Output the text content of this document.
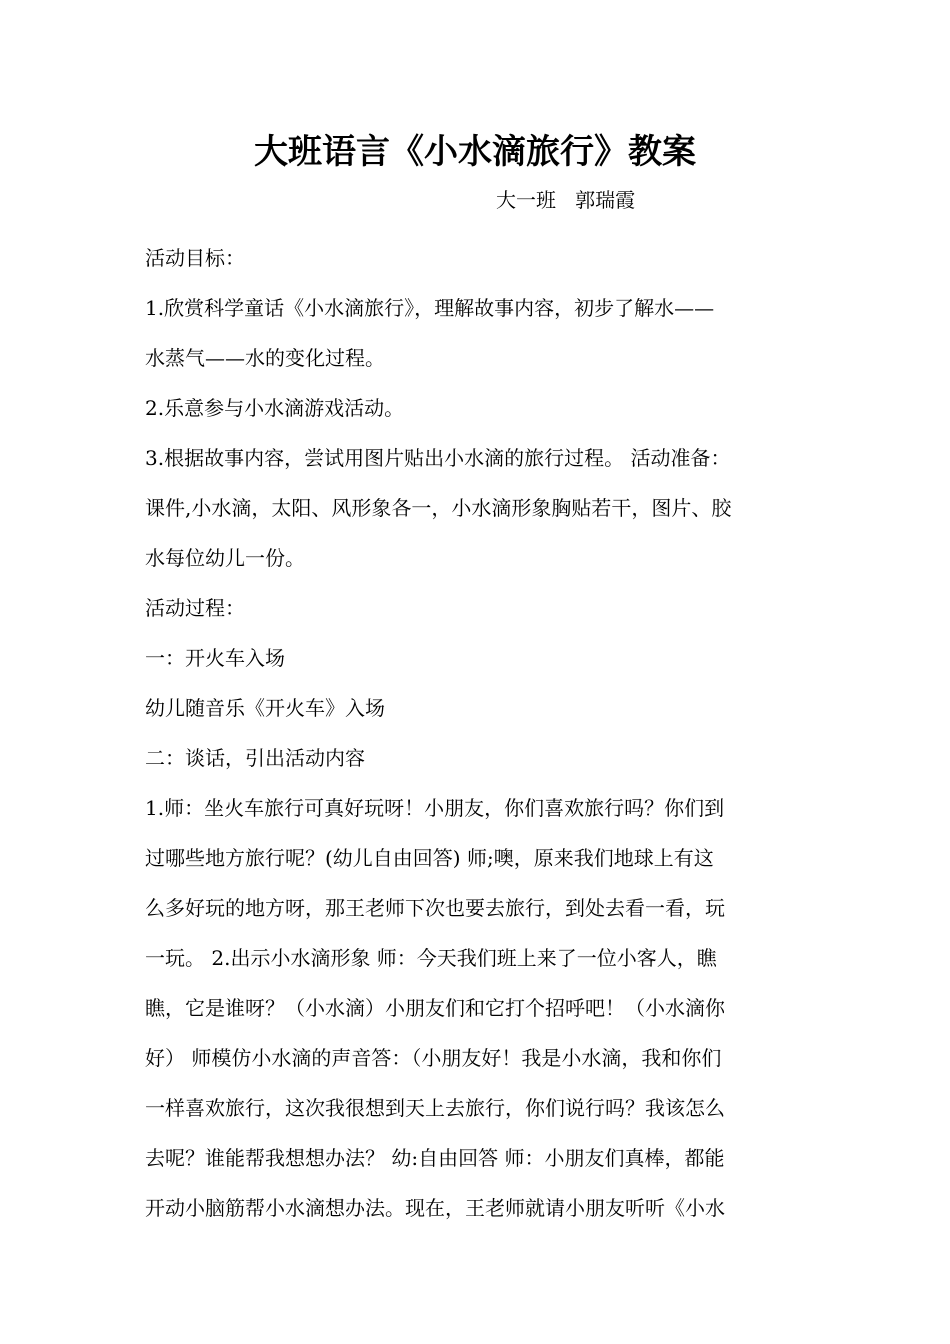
大班语言《小水滴旅行》教案
大一班   郭瑞霞
活动目标：
1.欣赏科学童话《小水滴旅行》，理解故事内容，初步了解水——
水蒸气——水的变化过程。
2.乐意参与小水滴游戏活动。
3.根据故事内容，尝试用图片贴出小水滴的旅行过程。 活动准备：
课件,小水滴，太阳、风形象各一，小水滴形象胸贴若干，图片、胶
水每位幼儿一份。
活动过程：
一：开火车入场
幼儿随音乐《开火车》入场
二：谈话，引出活动内容
1.师：坐火车旅行可真好玩呀！小朋友，你们喜欢旅行吗？你们到
过哪些地方旅行呢？(幼儿自由回答) 师;噢，原来我们地球上有这
么多好玩的地方呀，那王老师下次也要去旅行，到处去看一看，玩
一玩。 2.出示小水滴形象 师：今天我们班上来了一位小客人，瞧
瞧，它是谁呀？（小水滴）小朋友们和它打个招呼吧！（小水滴你
好） 师模仿小水滴的声音答：（小朋友好！我是小水滴，我和你们
一样喜欢旅行，这次我很想到天上去旅行，你们说行吗？我该怎么
去呢？谁能帮我想想办法？ 幼:自由回答 师：小朋友们真棒，都能
开动小脑筋帮小水滴想办法。现在，王老师就请小朋友听听《小水
